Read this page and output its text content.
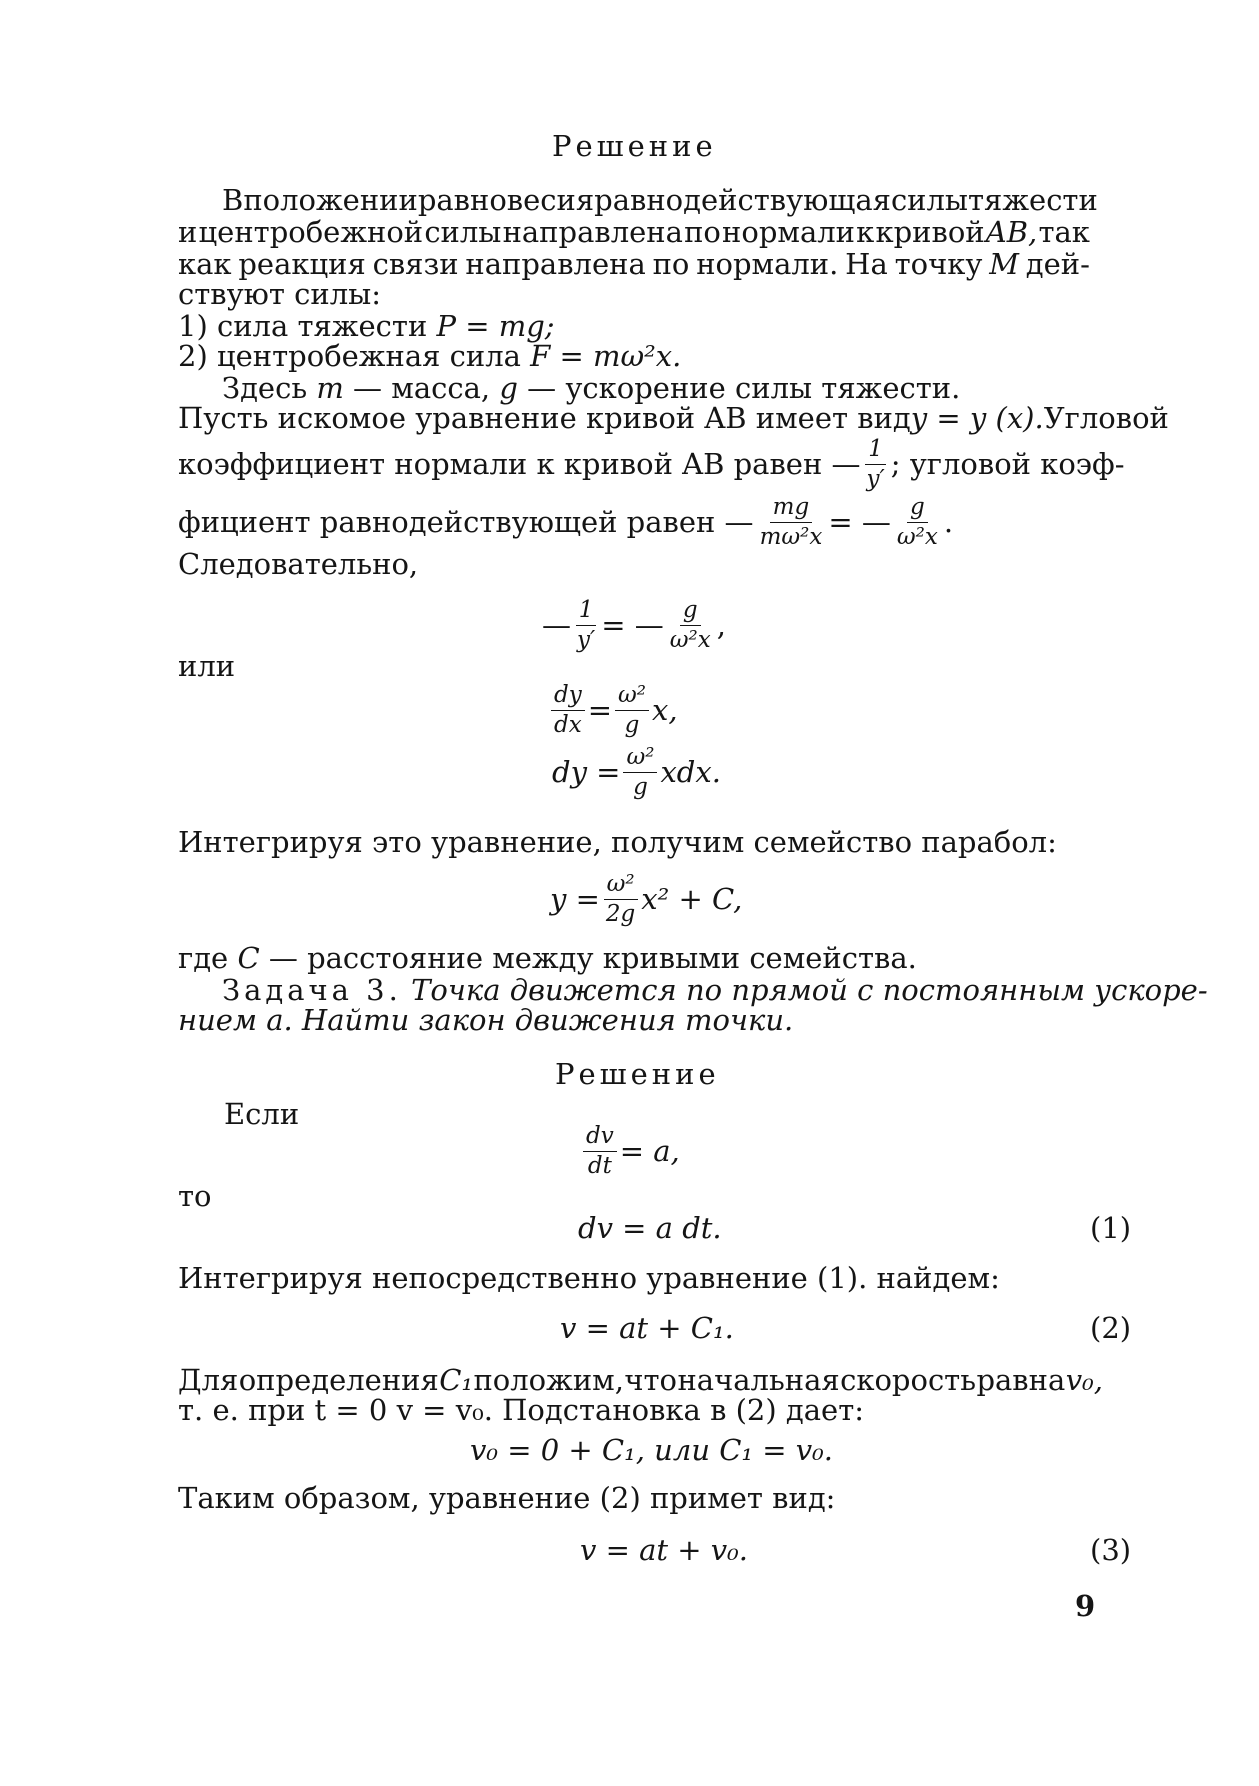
Решение
В положении равновесия равнодействующая силы тяжести
и центробежной силы направлена по нормали к кривой AB, так
как реакция связи направлена по нормали. На точку M дей-
ствуют силы:
1) сила тяжести P = mg;
2) центробежная сила F = mω²x.
Здесь m — масса, g — ускорение силы тяжести.
Пусть искомое уравнение кривой AB имеет вид y = y (x). Угловой
коэффициент нормали к кривой AB равен — $\frac{1}{y'}$ ; угловой коэф-
фициент равнодействующей равен — $\frac{mg}{\text{mω²x}}$ = — $\frac{g}{\text{ω²x}}$ .
Следовательно,
— $\frac{1}{y'}$ = — $\frac{g}{\text{ω²x}}$ ,
или
$\frac{dy}{dx} = \frac{\text{ω²}}{g} x$,
dy = $\frac{\text{ω²}}{g}$ xdx.
Интегрируя это уравнение, получим семейство парабол:
$y = \frac{\text{ω²}}{2g} x^2 + C$,
где C — расстояние между кривыми семейства.
Задача 3. Точка движется по прямой с постоянным ускоре-
нием a. Найти закон движения точки.
Решение
Если
$\frac{dv}{dt} = a$,
то
dv = a dt.	(1)
Интегрируя непосредственно уравнение (1). найдем:
v = at + C₁.	(2)
Для определения C₁ положим, что начальная скорость равна v₀,
т. е. при t = 0 v = v₀. Подстановка в (2) дает:
v₀ = 0 + C₁, или C₁ = v₀.
Таким образом, уравнение (2) примет вид:
v = at + v₀.	(3)
9
